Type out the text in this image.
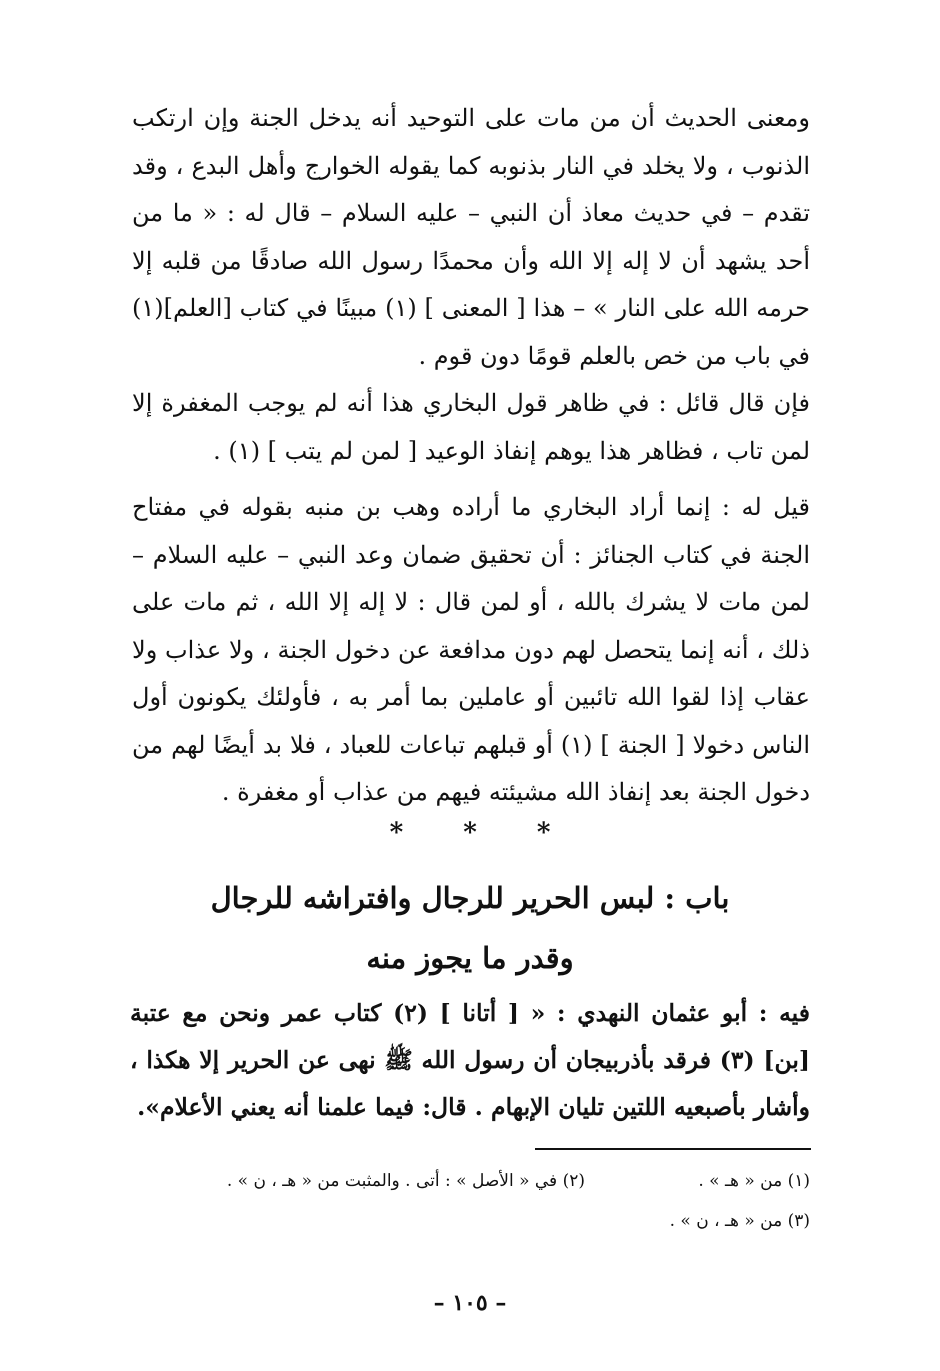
ومعنى الحديث أن من مات على التوحيد أنه يدخل الجنة وإن ارتكب الذنوب ، ولا يخلد في النار بذنوبه كما يقوله الخوارج وأهل البدع ، وقد تقدم – في حديث معاذ أن النبي – عليه السلام – قال له : « ما من أحد يشهد أن لا إله إلا الله وأن محمدًا رسول الله صادقًا من قلبه إلا حرمه الله على النار » – هذا [ المعنى ] (١) مبينًا في كتاب [العلم](١) في باب من خص بالعلم قومًا دون قوم .

فإن قال قائل : في ظاهر قول البخاري هذا أنه لم يوجب المغفرة إلا لمن تاب ، فظاهر هذا يوهم إنفاذ الوعيد [ لمن لم يتب ] (١) .

قيل له : إنما أراد البخاري ما أراده وهب بن منبه بقوله في مفتاح الجنة في كتاب الجنائز : أن تحقيق ضمان وعد النبي – عليه السلام – لمن مات لا يشرك بالله ، أو لمن قال : لا إله إلا الله ، ثم مات على ذلك ، أنه إنما يتحصل لهم دون مدافعة عن دخول الجنة ، ولا عذاب ولا عقاب إذا لقوا الله تائبين أو عاملين بما أمر به ، فأولئك يكونون أول الناس دخولا [ الجنة ] (١) أو قبلهم تباعات للعباد ، فلا بد أيضًا لهم من دخول الجنة بعد إنفاذ الله مشيئته فيهم من عذاب أو مغفرة .

*
*
*
باب : لبس الحرير للرجال وافتراشه للرجال
وقدر ما يجوز منه

فيه : أبو عثمان النهدي : « [ أتانا ] (٢) كتاب عمر ونحن مع عتبة [بن] (٣) فرقد بأذربيجان أن رسول الله ﷺ نهى عن الحرير إلا هكذا ، وأشار بأصبعيه اللتين تليان الإبهام . قال: فيما علمنا أنه يعني الأعلام».

(١) من « هـ » .
(٢) في « الأصل » : أتى . والمثبت من « هـ ، ن » .
(٣) من « هـ ، ن » .
– ١٠٥ –
